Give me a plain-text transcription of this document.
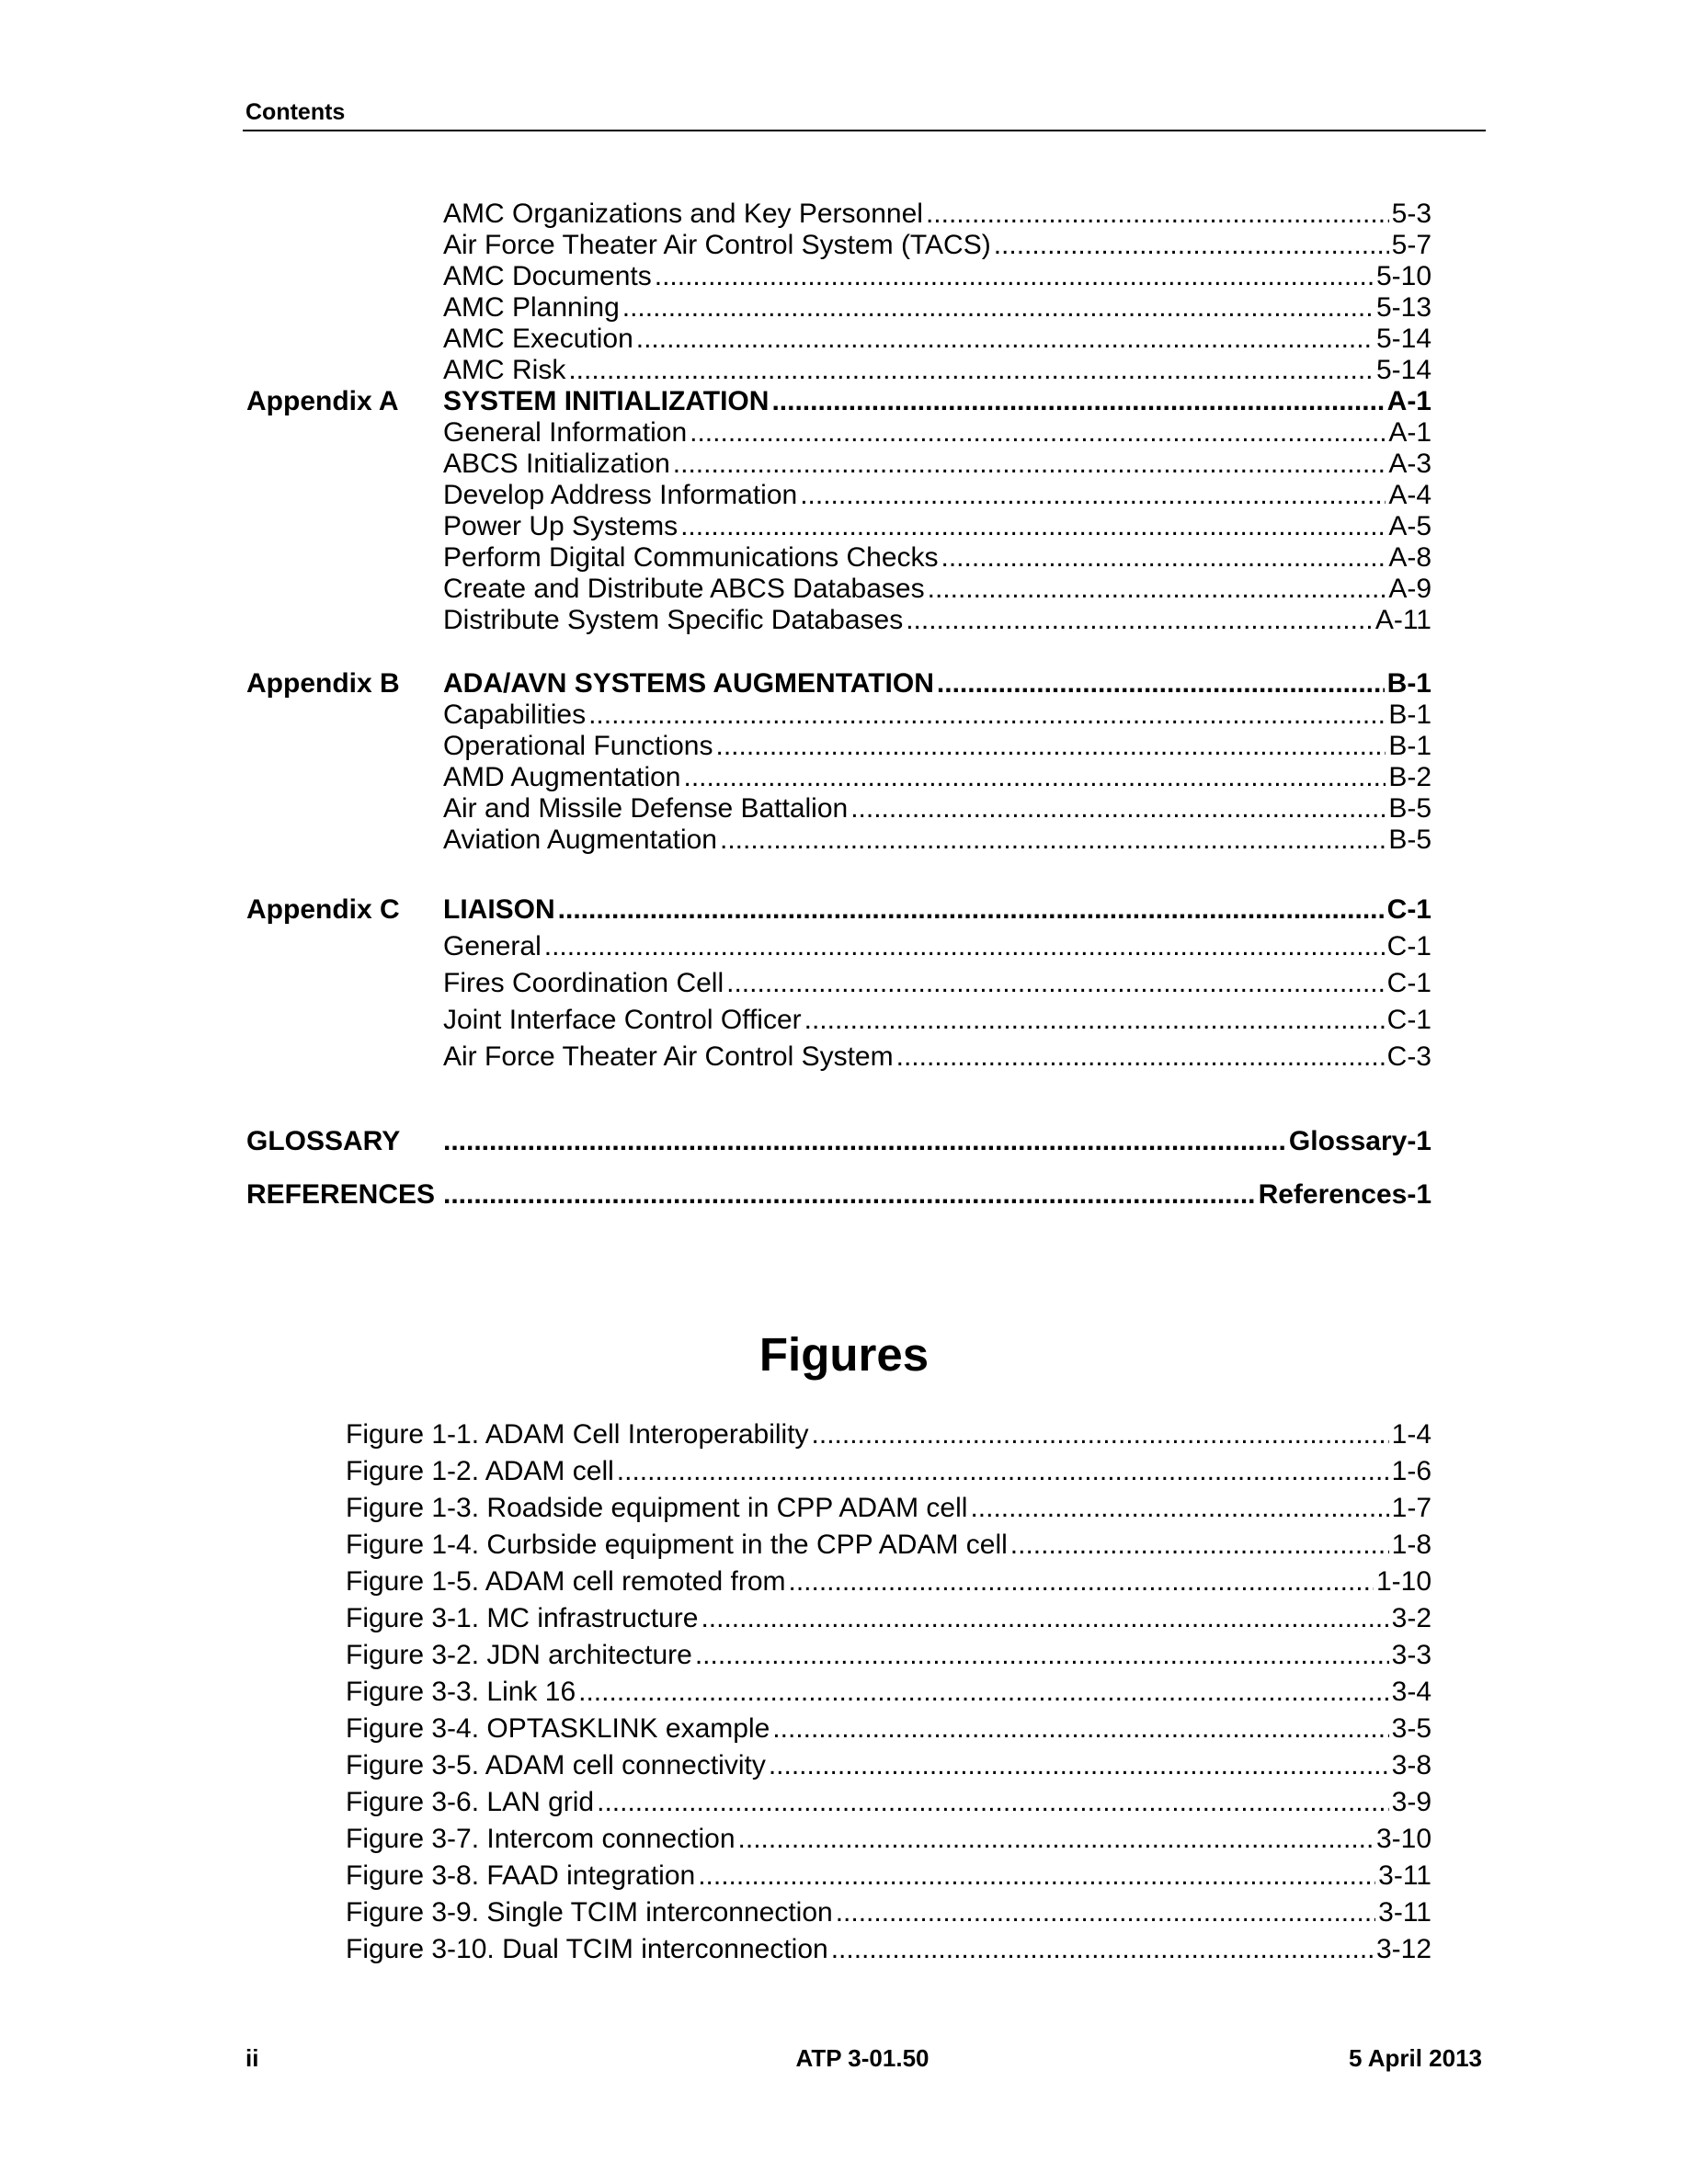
Contents
AMC Organizations and Key Personnel .....	5-3
Air Force Theater Air Control System (TACS) .....	5-7
AMC Documents .....	5-10
AMC Planning .....	5-13
AMC Execution .....	5-14
AMC Risk .....	5-14
Appendix A SYSTEM INITIALIZATION .....	A-1
General Information .....	A-1
ABCS Initialization .....	A-3
Develop Address Information .....	A-4
Power Up Systems .....	A-5
Perform Digital Communications Checks .....	A-8
Create and Distribute ABCS Databases .....	A-9
Distribute System Specific Databases .....	A-11
Appendix B ADA/AVN SYSTEMS AUGMENTATION .....	B-1
Capabilities .....	B-1
Operational Functions .....	B-1
AMD Augmentation .....	B-2
Air and Missile Defense Battalion .....	B-5
Aviation Augmentation .....	B-5
Appendix C LIAISON .....	C-1
General .....	C-1
Fires Coordination Cell .....	C-1
Joint Interface Control Officer .....	C-1
Air Force Theater Air Control System .....	C-3
GLOSSARY .....	Glossary-1
REFERENCES .....	References-1
Figures
Figure 1-1. ADAM Cell Interoperability .....	1-4
Figure 1-2. ADAM cell .....	1-6
Figure 1-3. Roadside equipment in CPP ADAM cell .....	1-7
Figure 1-4. Curbside equipment in the CPP ADAM cell .....	1-8
Figure 1-5. ADAM cell remoted from .....	1-10
Figure 3-1. MC infrastructure .....	3-2
Figure 3-2. JDN architecture .....	3-3
Figure 3-3. Link 16 .....	3-4
Figure 3-4. OPTASKLINK example .....	3-5
Figure 3-5. ADAM cell connectivity .....	3-8
Figure 3-6. LAN grid .....	3-9
Figure 3-7. Intercom connection .....	3-10
Figure 3-8. FAAD integration .....	3-11
Figure 3-9. Single TCIM interconnection .....	3-11
Figure 3-10. Dual TCIM interconnection .....	3-12
ii	ATP 3-01.50	5 April 2013
